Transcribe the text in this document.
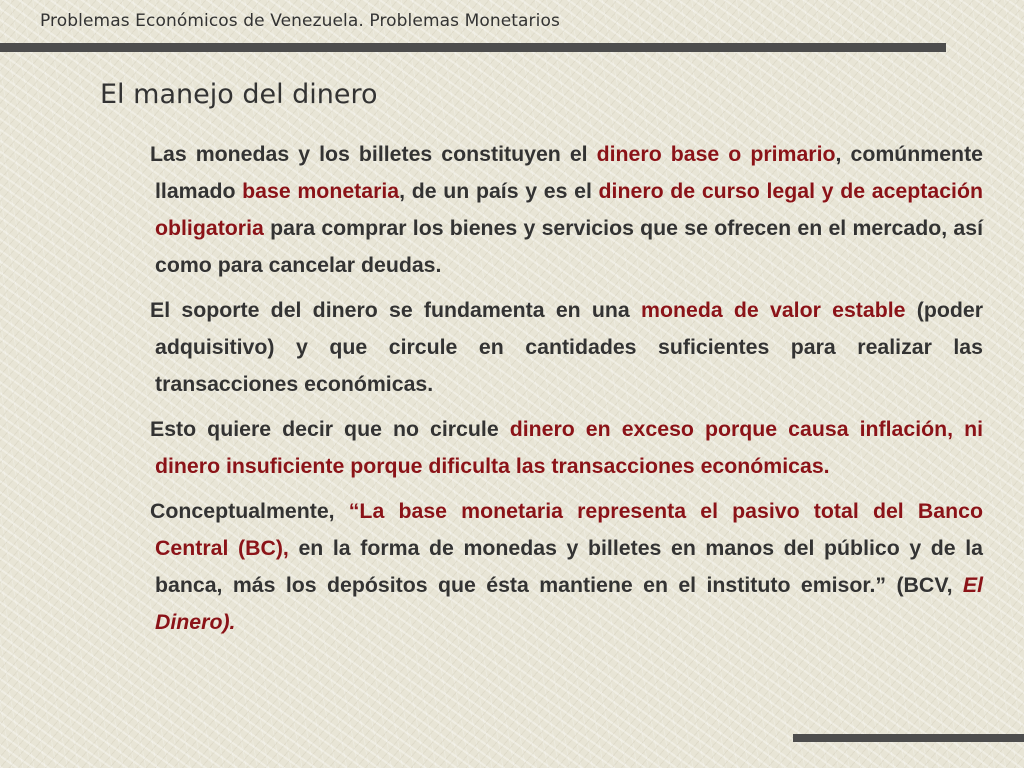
Problemas Económicos de Venezuela. Problemas Monetarios
El manejo del dinero

Las monedas y los billetes constituyen el dinero base o primario, comúnmente llamado base monetaria, de un país y es el dinero de curso legal y de aceptación obligatoria para comprar los bienes y servicios que se ofrecen en el mercado, así como para cancelar deudas.

El soporte del dinero se fundamenta en una moneda de valor estable (poder adquisitivo) y que circule en cantidades suficientes para realizar las transacciones económicas.

Esto quiere decir que no circule dinero en exceso porque causa inflación, ni dinero insuficiente porque dificulta las transacciones económicas.

Conceptualmente, “La base monetaria representa el pasivo total del Banco Central (BC), en la forma de monedas y billetes en manos del público y de la banca, más los depósitos que ésta mantiene en el instituto emisor.” (BCV, El Dinero).
